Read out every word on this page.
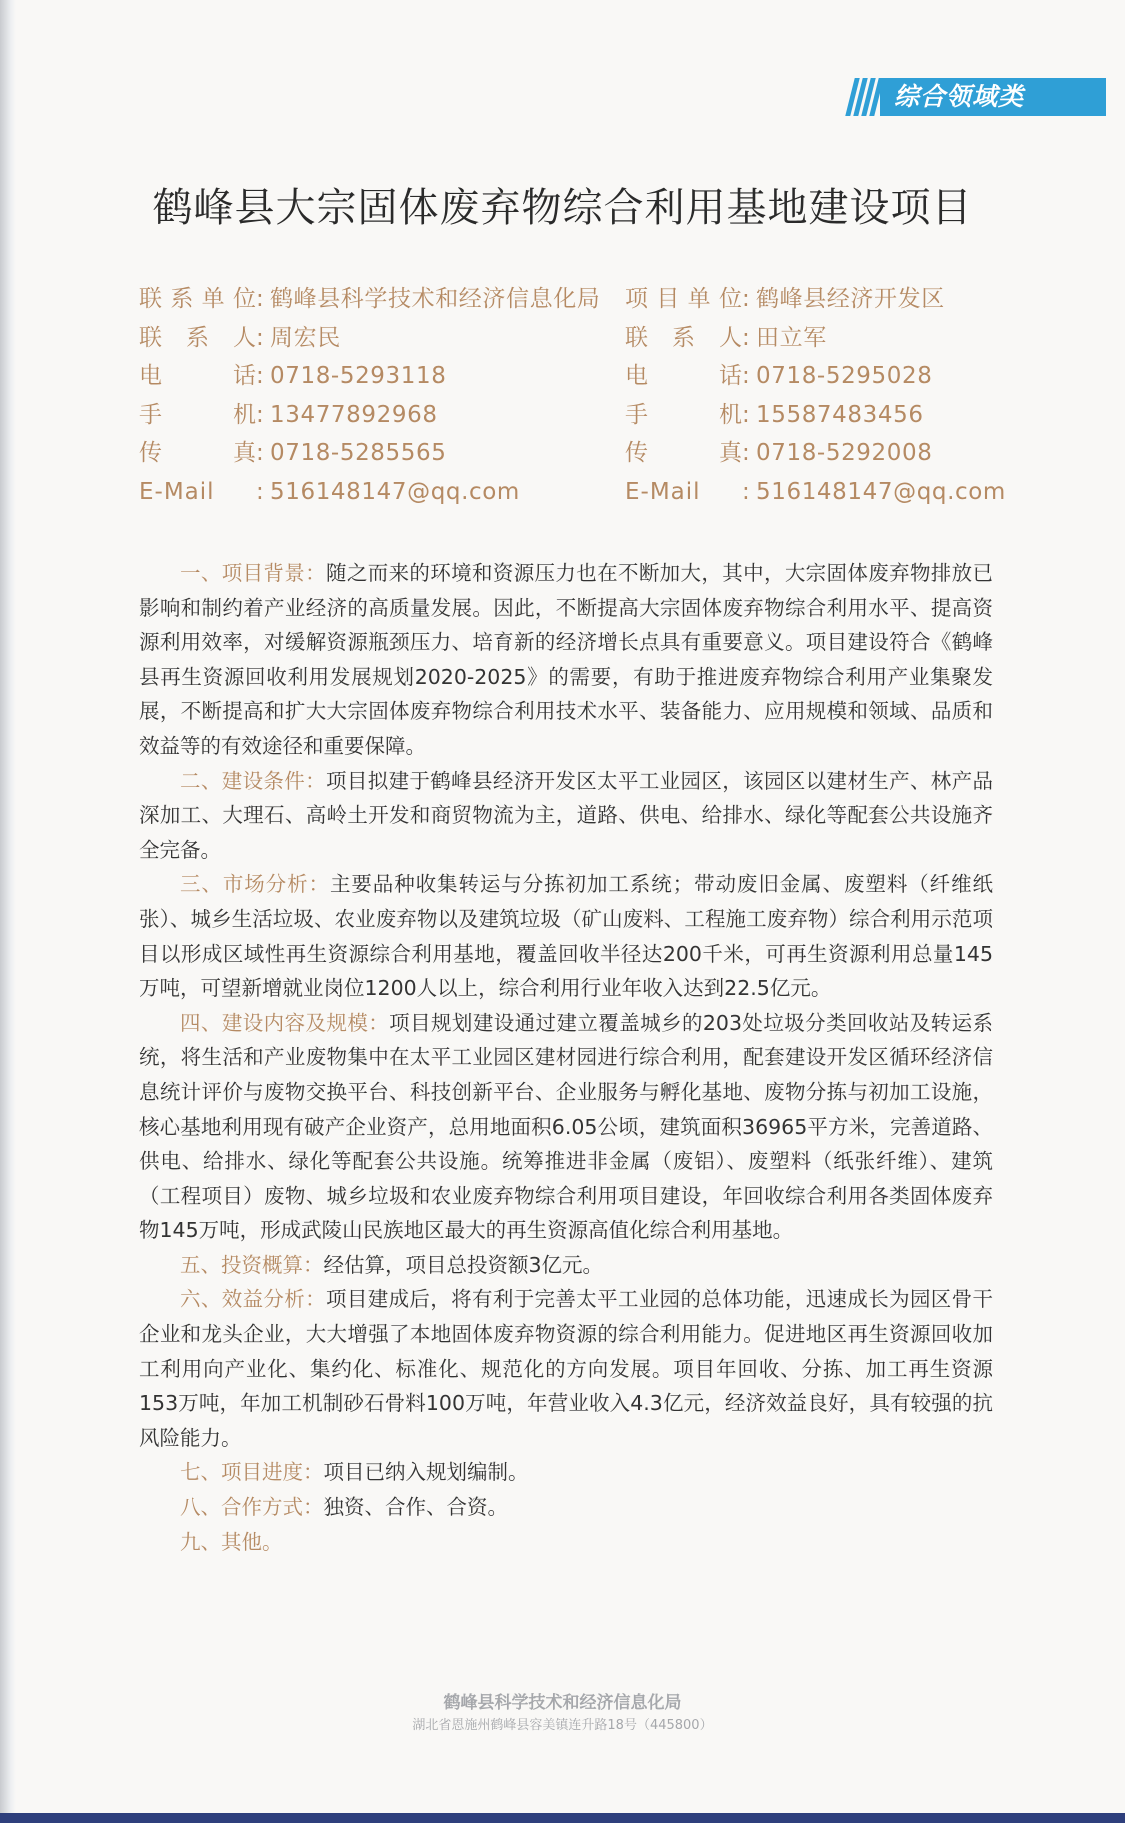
综合领域类
鹤峰县大宗固体废弃物综合利用基地建设项目
联系单位: 鹤峰县科学技术和经济信息化局 项目单位: 鹤峰县经济开发区
联 系 人: 周宏民	联 系 人: 田立军
电 话: 0718-5293118	电 话: 0718-5295028
手 机: 13477892968	手 机: 15587483456
传 真: 0718-5285565	传 真: 0718-5292008
E-Mail : 516148147@qq.com	E-Mail : 516148147@qq.com

一、项目背景：随之而来的环境和资源压力也在不断加大，其中，大宗固体废弃物排放已影响和制约着产业经济的高质量发展。因此，不断提高大宗固体废弃物综合利用水平、提高资源利用效率，对缓解资源瓶颈压力、培育新的经济增长点具有重要意义。项目建设符合《鹤峰县再生资源回收利用发展规划2020-2025》的需要，有助于推进废弃物综合利用产业集聚发展，不断提高和扩大大宗固体废弃物综合利用技术水平、装备能力、应用规模和领域、品质和效益等的有效途径和重要保障。

二、建设条件：项目拟建于鹤峰县经济开发区太平工业园区，该园区以建材生产、林产品深加工、大理石、高岭土开发和商贸物流为主，道路、供电、给排水、绿化等配套公共设施齐全完备。

三、市场分析：主要品种收集转运与分拣初加工系统；带动废旧金属、废塑料（纤维纸张）、城乡生活垃圾、农业废弃物以及建筑垃圾（矿山废料、工程施工废弃物）综合利用示范项目以形成区域性再生资源综合利用基地，覆盖回收半径达200千米，可再生资源利用总量145万吨，可望新增就业岗位1200人以上，综合利用行业年收入达到22.5亿元。

四、建设内容及规模：项目规划建设通过建立覆盖城乡的203处垃圾分类回收站及转运系统，将生活和产业废物集中在太平工业园区建材园进行综合利用，配套建设开发区循环经济信息统计评价与废物交换平台、科技创新平台、企业服务与孵化基地、废物分拣与初加工设施，核心基地利用现有破产企业资产，总用地面积6.05公顷，建筑面积36965平方米，完善道路、供电、给排水、绿化等配套公共设施。统筹推进非金属（废铝）、废塑料（纸张纤维）、建筑（工程项目）废物、城乡垃圾和农业废弃物综合利用项目建设，年回收综合利用各类固体废弃物145万吨，形成武陵山民族地区最大的再生资源高值化综合利用基地。

五、投资概算：经估算，项目总投资额3亿元。

六、效益分析：项目建成后，将有利于完善太平工业园的总体功能，迅速成长为园区骨干企业和龙头企业，大大增强了本地固体废弃物资源的综合利用能力。促进地区再生资源回收加工利用向产业化、集约化、标准化、规范化的方向发展。项目年回收、分拣、加工再生资源153万吨，年加工机制砂石骨料100万吨，年营业收入4.3亿元，经济效益良好，具有较强的抗风险能力。

七、项目进度：项目已纳入规划编制。

八、合作方式：独资、合作、合资。

九、其他。

鹤峰县科学技术和经济信息化局
湖北省恩施州鹤峰县容美镇连升路18号（445800）
